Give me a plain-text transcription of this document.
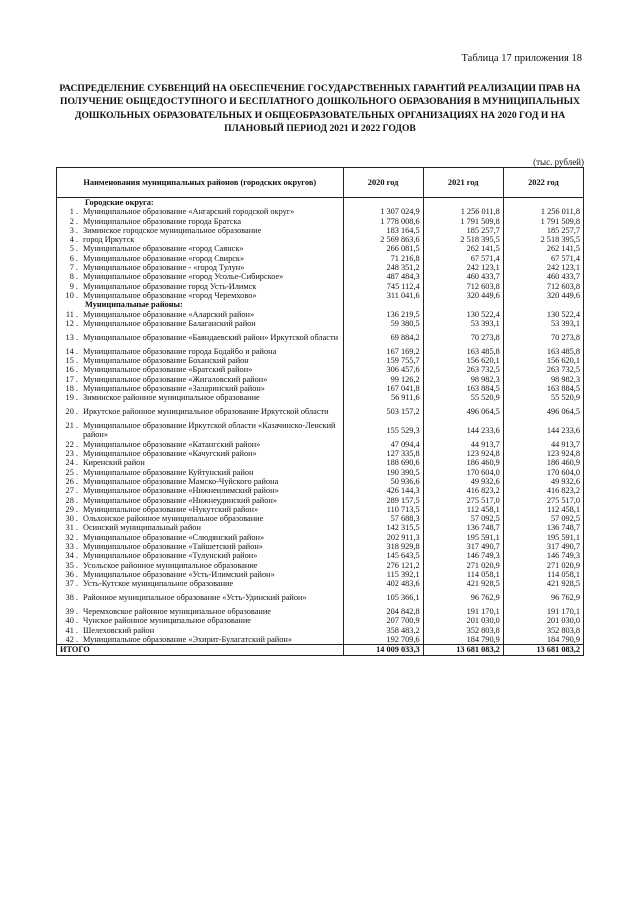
Таблица 17 приложения 18
РАСПРЕДЕЛЕНИЕ СУБВЕНЦИЙ НА ОБЕСПЕЧЕНИЕ ГОСУДАРСТВЕННЫХ ГАРАНТИЙ РЕАЛИЗАЦИИ ПРАВ НА ПОЛУЧЕНИЕ ОБЩЕДОСТУПНОГО И БЕСПЛАТНОГО ДОШКОЛЬНОГО ОБРАЗОВАНИЯ В МУНИЦИПАЛЬНЫХ ДОШКОЛЬНЫХ ОБРАЗОВАТЕЛЬНЫХ И ОБЩЕОБРАЗОВАТЕЛЬНЫХ ОРГАНИЗАЦИЯХ НА 2020 ГОД И НА ПЛАНОВЫЙ ПЕРИОД 2021 И 2022 ГОДОВ
(тыс. рублей)
Наименования муниципальных районов (городских округов)	2020 год	2021 год	2022 год
Городские округа:			

1 . Муниципальное образование «Ангарский городской округ»	1 307 024,9	1 256 011,8	1 256 011,8

2 . Муниципальное образование города Братска	1 778 008,6	1 791 509,8	1 791 509,8

3 . Зиминское городское муниципальное образование	183 164,5	185 257,7	185 257,7

4 . город Иркутск	2 569 863,6	2 518 395,5	2 518 395,5

5 . Муниципальное образование «город Саянск»	266 081,5	262 141,5	262 141,5

6 . Муниципальное образование «город Свирск»	71 216,8	67 571,4	67 571,4

7 . Муниципальное образование - «город Тулун»	248 351,2	242 123,1	242 123,1

8 . Муниципальное образование «город Усолье-Сибирское»	487 484,3	460 433,7	460 433,7

9 . Муниципальное образование город Усть-Илимск	745 112,4	712 603,8	712 603,8

10 . Муниципальное образование «город Черемхово»	311 041,6	320 449,6	320 449,6
Муниципальные районы:			

11 . Муниципальное образование «Аларский район»	136 219,5	130 522,4	130 522,4

12 . Муниципальное образование Балаганский район	59 380,5	53 393,1	53 393,1

13 . Муниципальное образование «Баяндаевский район» Иркутской области	69 884,2	70 273,8	70 273,8

14 . Муниципальное образование города Бодайбо и района	167 169,2	163 485,8	163 485,8

15 . Муниципальное образование Боханский район	159 755,7	156 620,1	156 620,1

16 . Муниципальное образование «Братский район»	306 457,6	263 732,5	263 732,5

17 . Муниципальное образование «Жигаловский район»	99 126,2	98 982,3	98 982,3

18 . Муниципальное образование «Заларинский район»	167 041,8	163 884,5	163 884,5

19 . Зиминское районное муниципальное образование	56 911,6	55 520,9	55 520,9

20 . Иркутское районное муниципальное образование Иркутской области	503 157,2	496 064,5	496 064,5

21 . Муниципальное образование Иркутской области «Казачинско-Ленский район»	155 529,3	144 233,6	144 233,6

22 . Муниципальное образование «Катангский район»	47 094,4	44 913,7	44 913,7

23 . Муниципальное образование «Качугский район»	127 335,8	123 924,8	123 924,8

24 . Киренский район	188 690,6	186 460,9	186 460,9

25 . Муниципальное образование Куйтунский район	190 390,5	170 604,0	170 604,0

26 . Муниципальное образование Мамско-Чуйского района	50 936,6	49 932,6	49 932,6

27 . Муниципальное образование «Нижнеилимский район»	426 144,3	416 823,2	416 823,2

28 . Муниципальное образование «Нижнеудинский район»	289 157,5	275 517,0	275 517,0

29 . Муниципальное образование «Нукутский район»	110 713,5	112 458,1	112 458,1

30 . Ольхонское районное муниципальное образование	57 688,3	57 092,5	57 092,5

31 . Осинский муниципальный район	142 315,5	136 748,7	136 748,7

32 . Муниципальное образование «Слюдянский район»	202 911,3	195 591,1	195 591,1

33 . Муниципальное образование «Тайшетский район»	318 929,8	317 490,7	317 490,7

34 . Муниципальное образование «Тулунский район»	145 643,5	146 749,3	146 749,3

35 . Усольское районное муниципальное образование	276 121,2	271 020,9	271 020,9

36 . Муниципальное образование «Усть-Илимский район»	115 392,1	114 058,1	114 058,1

37 . Усть-Кутское муниципальное образование	402 483,6	421 928,5	421 928,5

38 . Районное муниципальное образование «Усть-Удинский район»	105 366,1	96 762,9	96 762,9

39 . Черемховское районное муниципальное образование	204 842,8	191 170,1	191 170,1

40 . Чунское районное муниципальное образование	207 700,9	201 030,0	201 030,0

41 . Шелеховский район	358 483,2	352 803,8	352 803,8

42 . Муниципальное образование «Эхирит-Булагатский район»	192 709,6	184 790,9	184 790,9
ИТОГО	14 009 033,3	13 681 083,2	13 681 083,2
